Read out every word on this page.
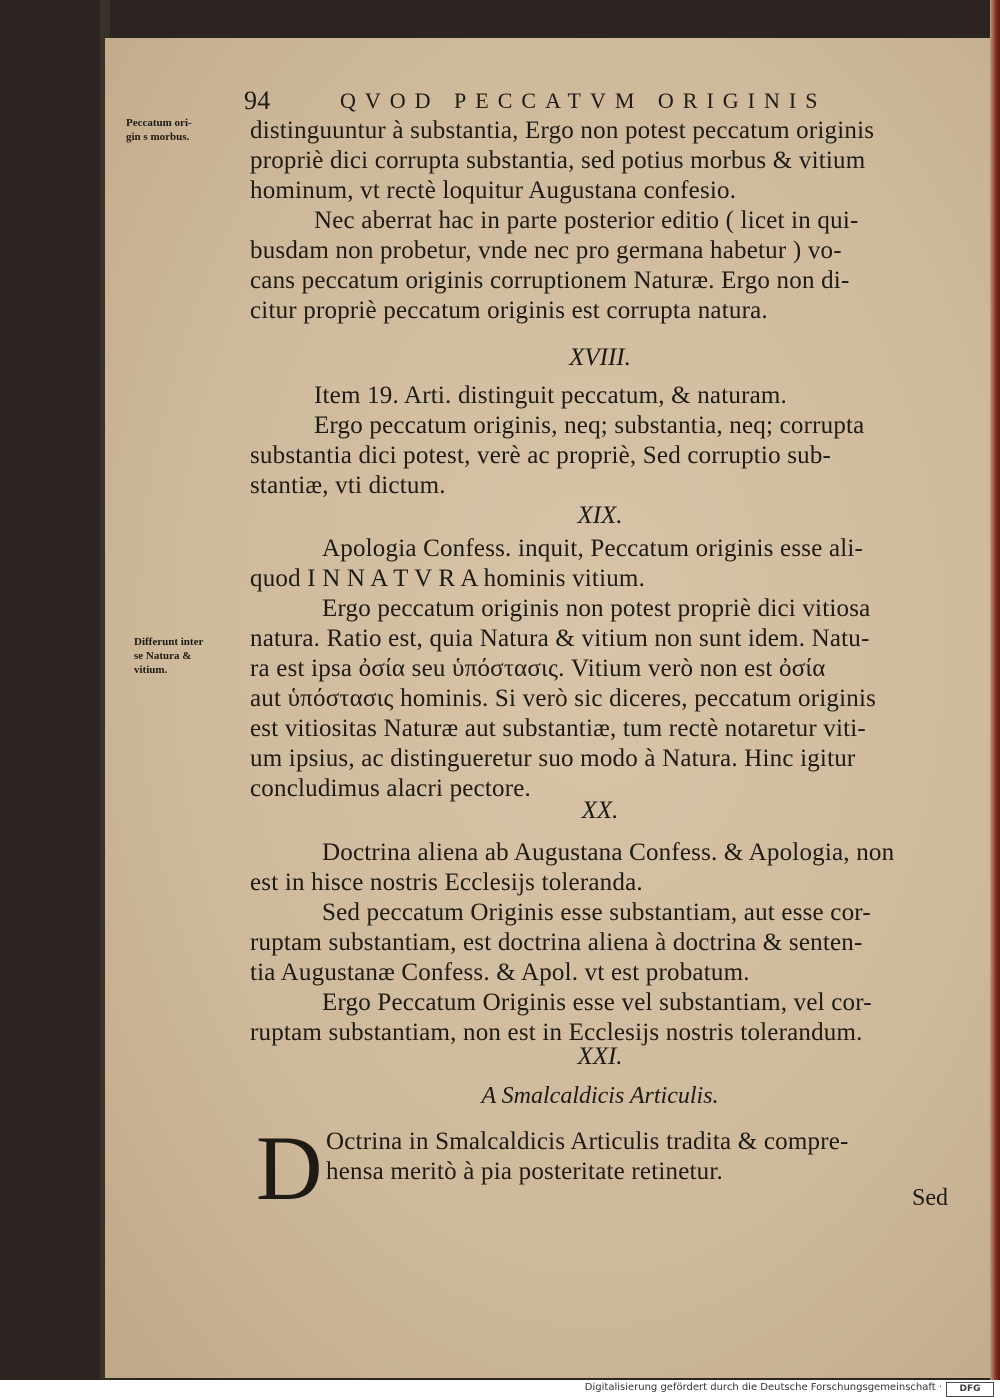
94	QVOD PECCATVM ORIGINIS
Peccatum ori-
gin s morbus.
Differunt inter
se Natura &
vitium.
distinguuntur à substantia, Ergo non potest peccatum originis
propriè dici corrupta substantia, sed potius morbus & vitium
hominum, vt rectè loquitur Augustana confesio.
Nec aberrat hac in parte posterior editio ( licet in qui-
busdam non probetur, vnde nec pro germana habetur ) vo-
cans peccatum originis corruptionem Naturæ. Ergo non di-
citur propriè peccatum originis est corrupta natura.
XVIII.
Item 19. Arti. distinguit peccatum, & naturam.
Ergo peccatum originis, neq; substantia, neq; corrupta
substantia dici potest, verè ac propriè, Sed corruptio sub-
stantiæ, vti dictum.
XIX.
Apologia Confess. inquit, Peccatum originis esse ali-
quod I N N A T V R A hominis vitium.
Ergo peccatum originis non potest propriè dici vitiosa
natura. Ratio est, quia Natura & vitium non sunt idem. Natu-
ra est ipsa ὀσία seu ὑπόστασις. Vitium verò non est ὀσία
aut ὑπόστασις hominis. Si verò sic diceres, peccatum originis
est vitiositas Naturæ aut substantiæ, tum rectè notaretur viti-
um ipsius, ac distingueretur suo modo à Natura. Hinc igitur
concludimus alacri pectore.
XX.
Doctrina aliena ab Augustana Confess. & Apologia, non
est in hisce nostris Ecclesijs toleranda.
Sed peccatum Originis esse substantiam, aut esse cor-
ruptam substantiam, est doctrina aliena à doctrina & senten-
tia Augustanæ Confess. & Apol. vt est probatum.
Ergo Peccatum Originis esse vel substantiam, vel cor-
ruptam substantiam, non est in Ecclesijs nostris tolerandum.
XXI.
A Smalcaldicis Articulis.
D Octrina in Smalcaldicis Articulis tradita & compre-
hensa meritò à pia posteritate retinetur.
Sed
Digitalisierung gefördert durch die Deutsche Forschungsgemeinschaft ·	DFG
